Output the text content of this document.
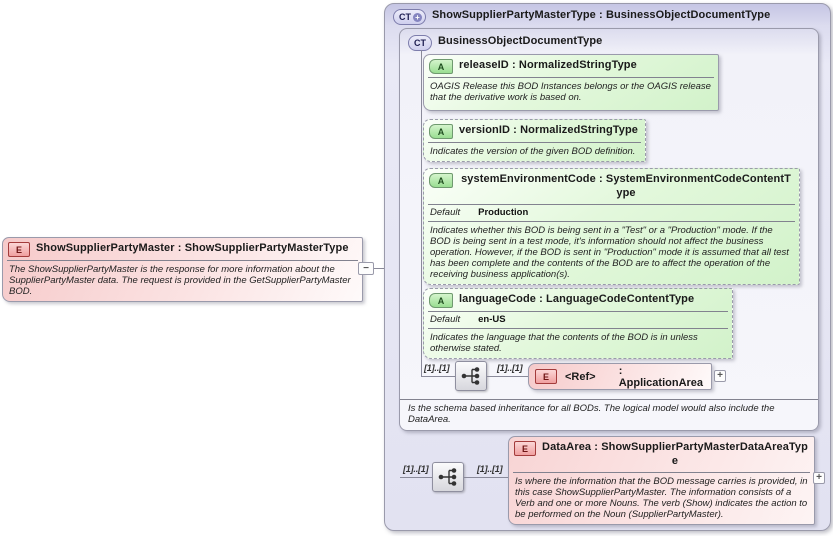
E	ShowSupplierPartyMaster : ShowSupplierPartyMasterType
The ShowSupplierPartyMaster is the response for more information about the SupplierPartyMaster data. The request is provided in the GetSupplierPartyMaster BOD.
−
CT + ShowSupplierPartyMasterType : BusinessObjectDocumentType
CT	BusinessObjectDocumentType
A	releaseID : NormalizedStringType
OAGIS Release this BOD Instances belongs or the OAGIS release that the derivative work is based on.
A	versionID : NormalizedStringType
Indicates the version of the given BOD definition.
A	systemEnvironmentCode : SystemEnvironmentCodeContentType
Default Production
Indicates whether this BOD is being sent in a "Test" or a "Production" mode. If the BOD is being sent in a test mode, it's information should not affect the business operation. However, if the BOD is sent in "Production" mode it is assumed that all test has been complete and the contents of the BOD are to affect the operation of the receiving business application(s).
A	languageCode : LanguageCodeContentType
Default en-US
Indicates the language that the contents of the BOD is in unless otherwise stated.
[1]..[1]	[1]..[1]
E	<Ref>	: ApplicationArea
+
Is the schema based inheritance for all BODs. The logical model would also include the DataArea.
[1]..[1]	[1]..[1]
E	DataArea : ShowSupplierPartyMasterDataAreaType
Is where the information that the BOD message carries is provided, in this case ShowSupplierPartyMaster. The information consists of a Verb and one or more Nouns. The verb (Show) indicates the action to be performed on the Noun (SupplierPartyMaster).
+
